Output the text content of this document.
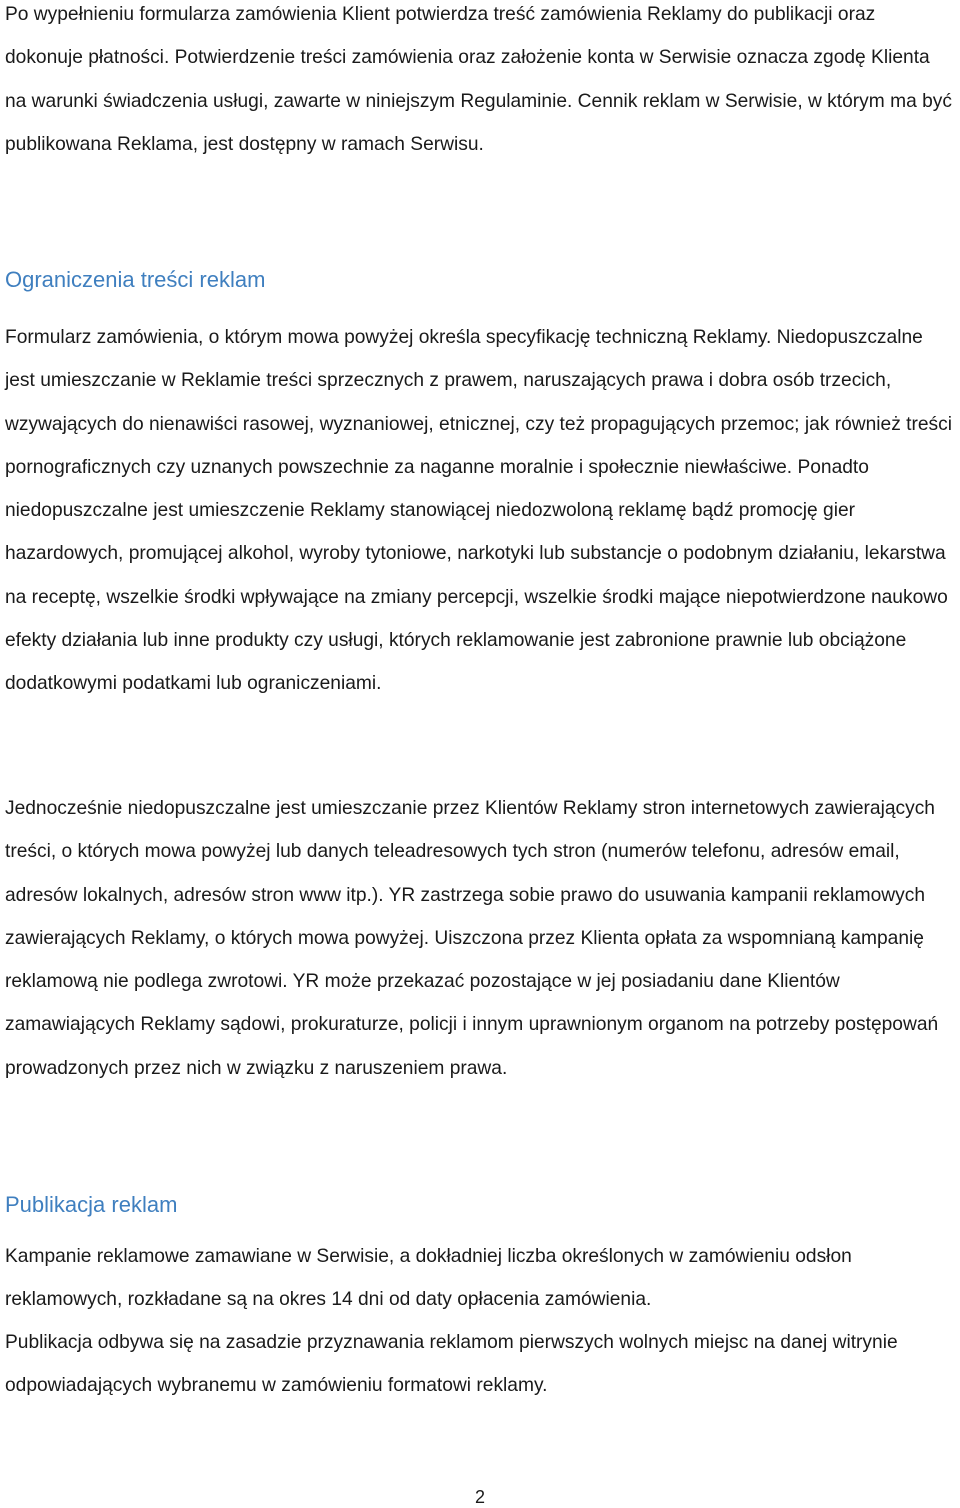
Po wypełnieniu formularza zamówienia Klient potwierdza treść zamówienia Reklamy do publikacji oraz dokonuje płatności. Potwierdzenie treści zamówienia oraz założenie konta w Serwisie oznacza zgodę Klienta na warunki świadczenia usługi, zawarte w niniejszym Regulaminie. Cennik reklam w Serwisie, w którym ma być publikowana Reklama, jest dostępny w ramach Serwisu.

Ograniczenia treści reklam

Formularz zamówienia, o którym mowa powyżej określa specyfikację techniczną Reklamy. Niedopuszczalne jest umieszczanie w Reklamie treści sprzecznych z prawem, naruszających prawa i dobra osób trzecich, wzywających do nienawiści rasowej, wyznaniowej, etnicznej, czy też propagujących przemoc; jak również treści pornograficznych czy uznanych powszechnie za naganne moralnie i społecznie niewłaściwe. Ponadto niedopuszczalne jest umieszczenie Reklamy stanowiącej niedozwoloną reklamę bądź promocję gier hazardowych, promującej alkohol, wyroby tytoniowe, narkotyki lub substancje o podobnym działaniu, lekarstwa na receptę, wszelkie środki wpływające na zmiany percepcji, wszelkie środki mające niepotwierdzone naukowo efekty działania lub inne produkty czy usługi, których reklamowanie jest zabronione prawnie lub obciążone dodatkowymi podatkami lub ograniczeniami.

Jednocześnie niedopuszczalne jest umieszczanie przez Klientów Reklamy stron internetowych zawierających treści, o których mowa powyżej lub danych teleadresowych tych stron (numerów telefonu, adresów email, adresów lokalnych, adresów stron www itp.). YR zastrzega sobie prawo do usuwania kampanii reklamowych zawierających Reklamy, o których mowa powyżej. Uiszczona przez Klienta opłata za wspomnianą kampanię reklamową nie podlega zwrotowi. YR może przekazać pozostające w jej posiadaniu dane Klientów zamawiających Reklamy sądowi, prokuraturze, policji i innym uprawnionym organom na potrzeby postępowań prowadzonych przez nich w związku z naruszeniem prawa.

Publikacja reklam

Kampanie reklamowe zamawiane w Serwisie, a dokładniej liczba określonych w zamówieniu odsłon reklamowych, rozkładane są na okres 14 dni od daty opłacenia zamówienia.

Publikacja odbywa się na zasadzie przyznawania reklamom pierwszych wolnych miejsc na danej witrynie odpowiadających wybranemu w zamówieniu formatowi reklamy.

2
